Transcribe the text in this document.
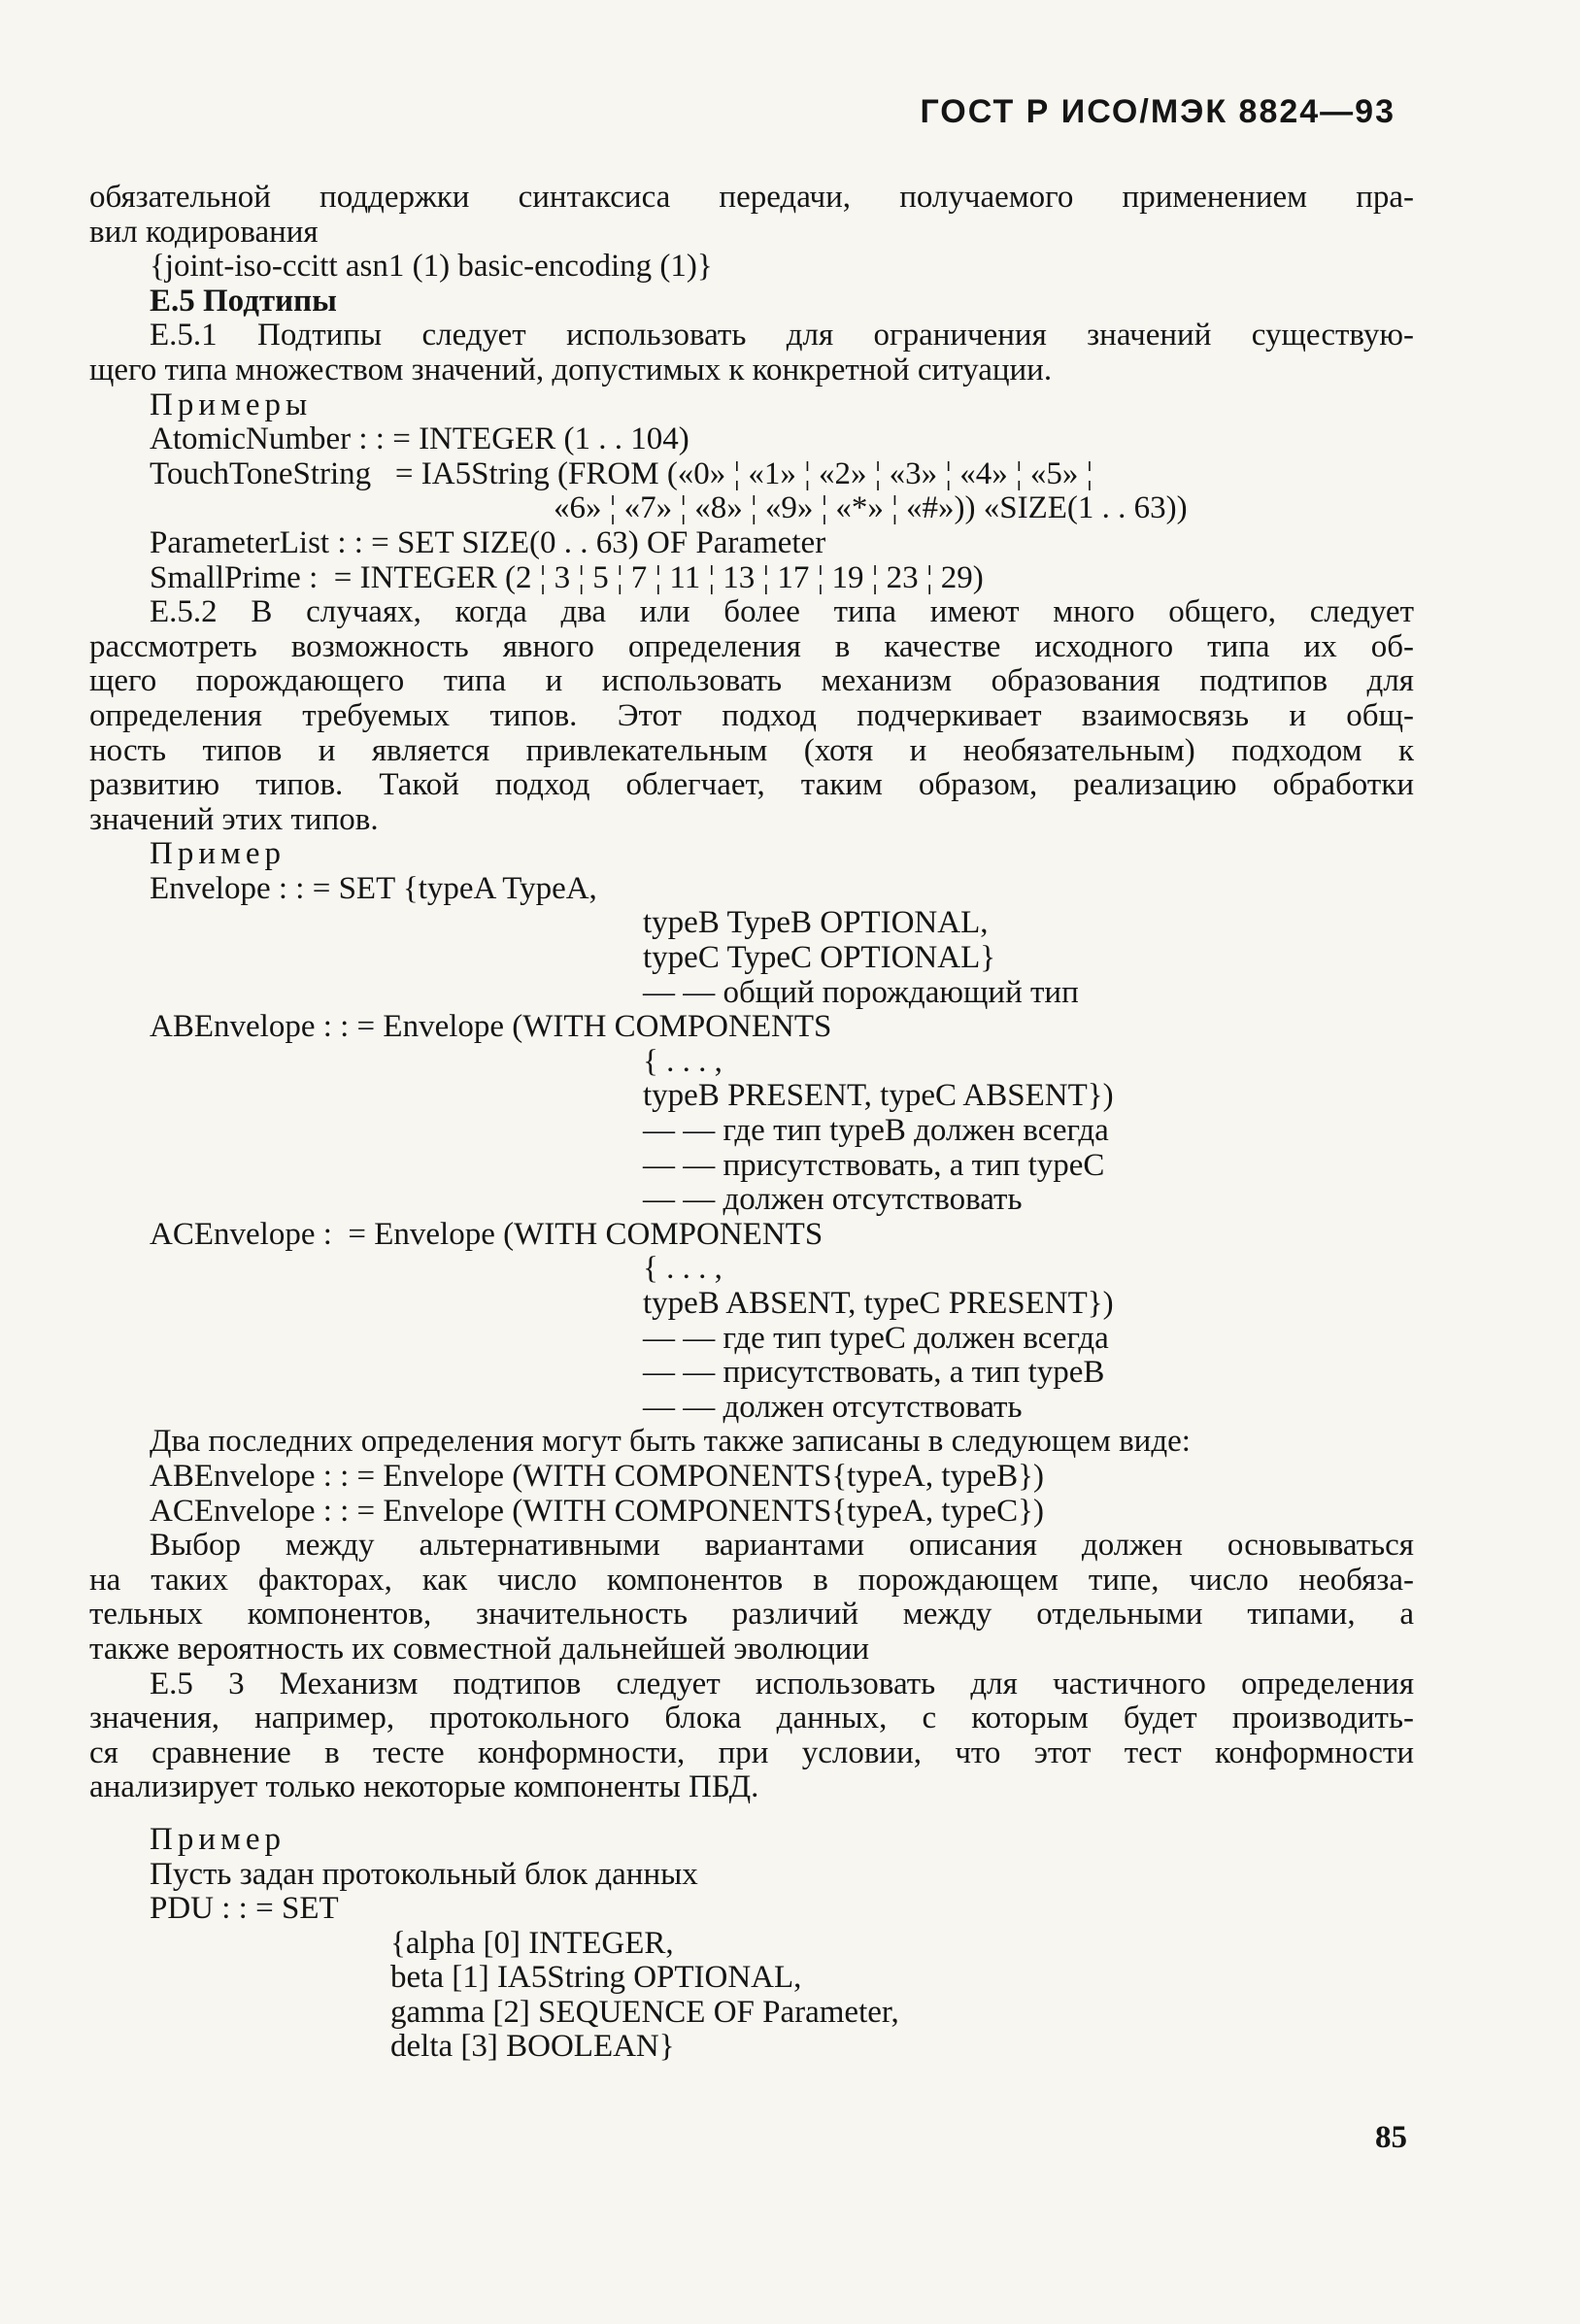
ГОСТ Р ИСО/МЭК 8824—93
обязательной поддержки синтаксиса передачи, получаемого применением пра-
вил кодирования
{joint-iso-ccitt asn1 (1) basic-encoding (1)}
Е.5 Подтипы
Е.5.1 Подтипы следует использовать для ограничения значений существую-
щего типа множеством значений, допустимых к конкретной ситуации.
Примеры
AtomicNumber : : = INTEGER (1 . . 104)
TouchToneString   = IA5String (FROM («0» ¦ «1» ¦ «2» ¦ «3» ¦ «4» ¦ «5» ¦
«6» ¦ «7» ¦ «8» ¦ «9» ¦ «*» ¦ «#»)) «SIZE(1 . . 63))
ParameterList : : = SET SIZE(0 . . 63) OF Parameter
SmallPrime :  = INTEGER (2 ¦ 3 ¦ 5 ¦ 7 ¦ 11 ¦ 13 ¦ 17 ¦ 19 ¦ 23 ¦ 29)
Е.5.2 В случаях, когда два или более типа имеют много общего, следует
рассмотреть возможность явного определения в качестве исходного типа их об-
щего порождающего типа и использовать механизм образования подтипов для
определения требуемых типов. Этот подход подчеркивает взаимосвязь и общ-
ность типов и является привлекательным (хотя и необязательным) подходом к
развитию типов. Такой подход облегчает, таким образом, реализацию обработки
значений этих типов.
Пример
Envelope : : = SET {typeA TypeA,
typeB TypeB OPTIONAL,
typeC TypeC OPTIONAL}
— — общий порождающий тип
ABEnvelope : : = Envelope (WITH COMPONENTS
{ . . . ,
typeB PRESENT, typeC ABSENT})
— — где тип typeB должен всегда
— — присутствовать, а тип typeC
— — должен отсутствовать
ACEnvelope :  = Envelope (WITH COMPONENTS
{ . . . ,
typeB ABSENT, typeC PRESENT})
— — где тип typeC должен всегда
— — присутствовать, а тип typeB
— — должен отсутствовать
Два последних определения могут быть также записаны в следующем виде:
ABEnvelope : : = Envelope (WITH COMPONENTS{typeA, typeB})
ACEnvelope : : = Envelope (WITH COMPONENTS{typeA, typeC})
Выбор между альтернативными вариантами описания должен основываться
на таких факторах, как число компонентов в порождающем типе, число необяза-
тельных компонентов, значительность различий между отдельными типами, а
также вероятность их совместной дальнейшей эволюции
Е.5 3 Механизм подтипов следует использовать для частичного определения
значения, например, протокольного блока данных, с которым будет производить-
ся сравнение в тесте конформности, при условии, что этот тест конформности
анализирует только некоторые компоненты ПБД.
Пример
Пусть задан протокольный блок данных
PDU : : = SET
{alpha [0] INTEGER,
beta [1] IA5String OPTIONAL,
gamma [2] SEQUENCE OF Parameter,
delta [3] BOOLEAN}
85
